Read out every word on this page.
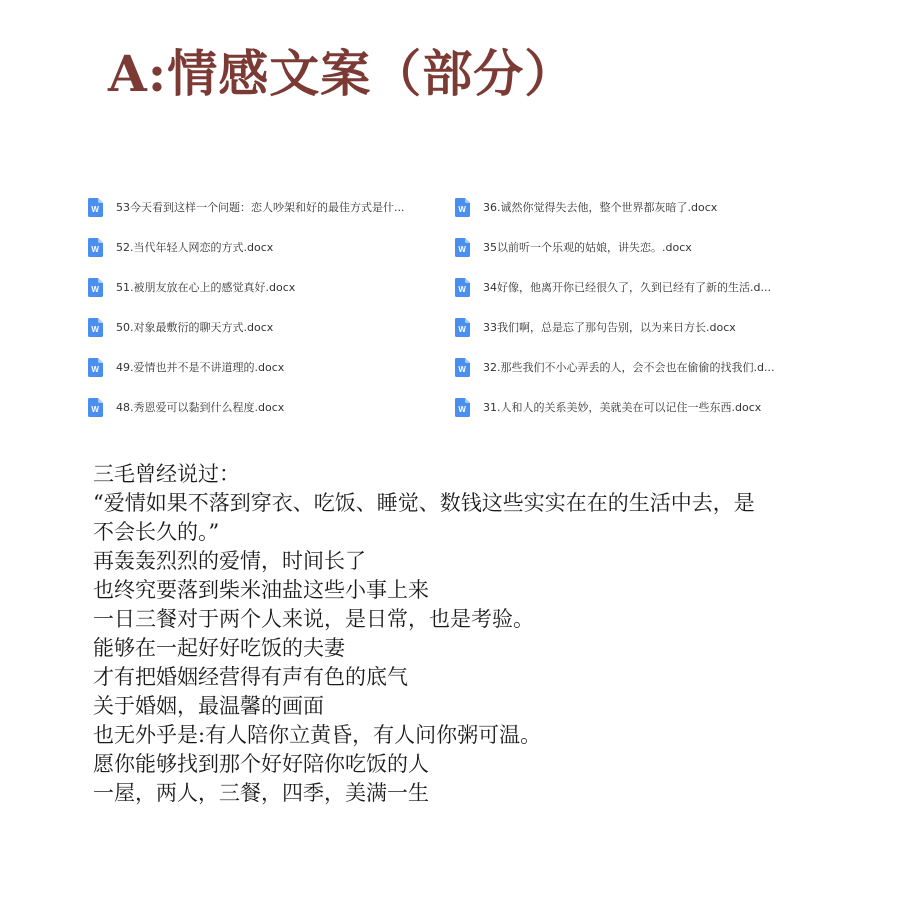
A:情感文案（部分）
W 53今天看到这样一个问题：恋人吵架和好的最佳方式是什...
W 52.当代年轻人网恋的方式.docx
W 51.被朋友放在心上的感觉真好.docx
W 50.对象最敷衍的聊天方式.docx
W 49.爱情也并不是不讲道理的.docx
W 48.秀恩爱可以黏到什么程度.docx
W 36.诚然你觉得失去他，整个世界都灰暗了.docx
W 35以前听一个乐观的姑娘，讲失恋。.docx
W 34好像，他离开你已经很久了，久到已经有了新的生活.d...
W 33我们啊，总是忘了那句告别，以为来日方长.docx
W 32.那些我们不小心弄丢的人，会不会也在偷偷的找我们.d...
W 31.人和人的关系美妙，美就美在可以记住一些东西.docx
三毛曾经说过：
“爱情如果不落到穿衣、吃饭、睡觉、数钱这些实实在在的生活中去，是
不会长久的。”
再轰轰烈烈的爱情，时间长了
也终究要落到柴米油盐这些小事上来
一日三餐对于两个人来说，是日常，也是考验。
能够在一起好好吃饭的夫妻
才有把婚姻经营得有声有色的底气
关于婚姻，最温馨的画面
也无外乎是:有人陪你立黄昏，有人问你粥可温。
愿你能够找到那个好好陪你吃饭的人
一屋，两人，三餐，四季，美满一生
